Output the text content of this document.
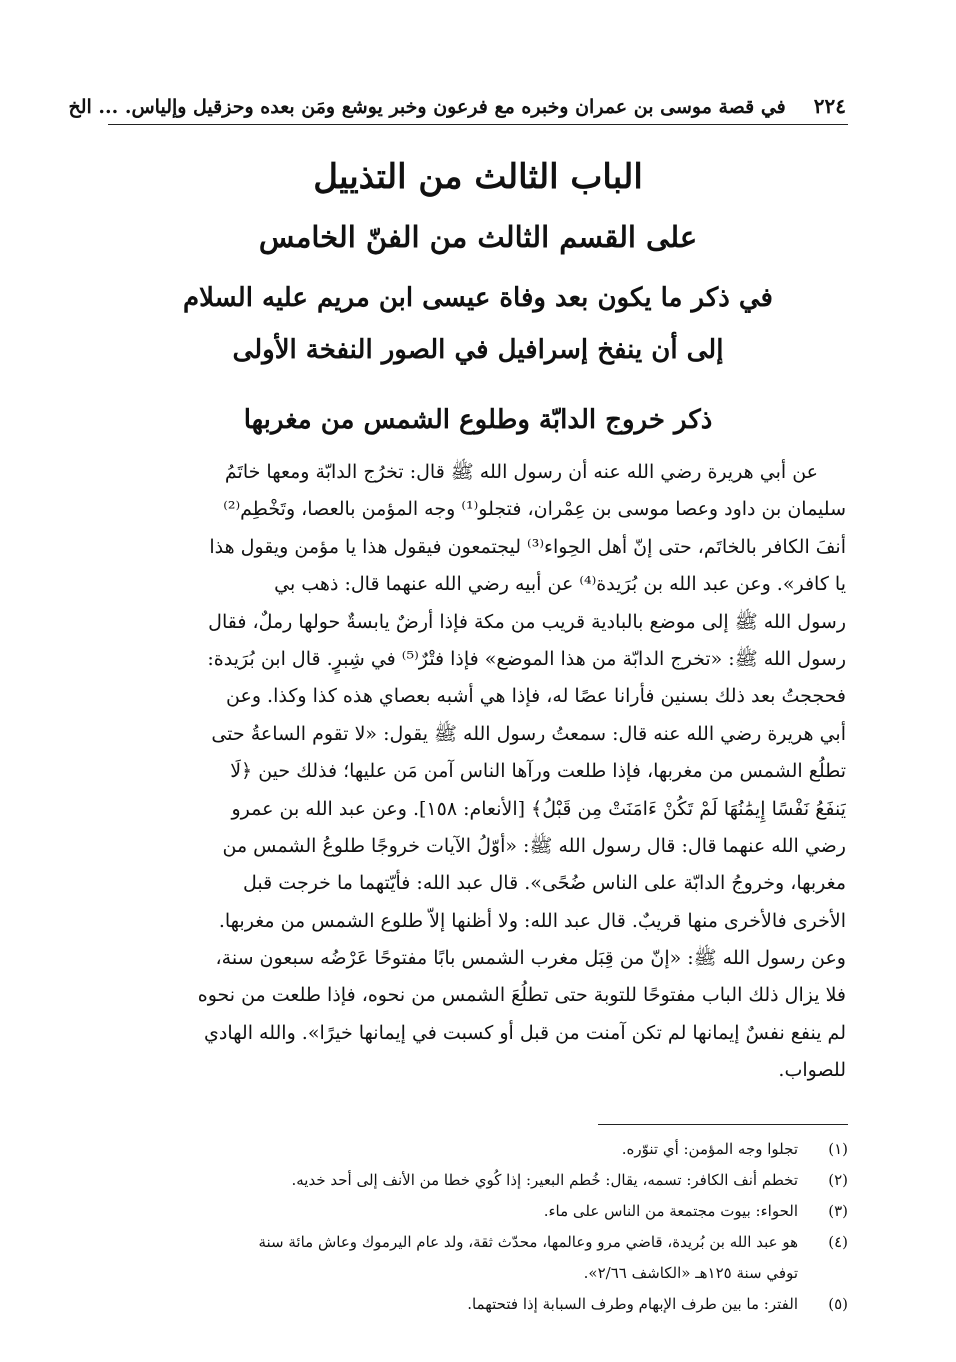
٢٢٤
في قصة موسى بن عمران وخبره مع فرعون وخبر يوشع ومَن بعده وحزقيل وإلياس. ... الخ
الباب الثالث من التذييل
على القسم الثالث من الفنّ الخامس
في ذكر ما يكون بعد وفاة عيسى ابن مريم عليه السلام
إلى أن ينفخ إسرافيل في الصور النفخة الأولى
ذكر خروج الدابّة وطلوع الشمس من مغربها
عن أبي هريرة رضي الله عنه أن رسول الله ﷺ قال: تخرُج الدابّة ومعها خاتَمُ
سليمان بن داود وعصا موسى بن عِمْران، فتجلو⁽¹⁾ وجه المؤمن بالعصا، وتَخْطِم⁽²⁾
أنفَ الكافر بالخاتَم، حتى إنّ أهل الحِواء⁽³⁾ ليجتمعون فيقول هذا يا مؤمن ويقول هذا
يا كافر». وعن عبد الله بن بُرَيدة⁽⁴⁾ عن أبيه رضي الله عنهما قال: ذهب بي
رسول الله ﷺ إلى موضع بالبادية قريب من مكة فإذا أرضٌ يابسةٌ حولها رملٌ، فقال
رسول الله ﷺ: «تخرج الدابّة من هذا الموضع» فإذا فتْرٌ⁽⁵⁾ في شِبرٍ. قال ابن بُرَيدة:
فحججتُ بعد ذلك بسنين فأرانا عصًا له، فإذا هي أشبه بعصاي هذه كذا وكذا. وعن
أبي هريرة رضي الله عنه قال: سمعتُ رسول الله ﷺ يقول: «لا تقوم الساعةُ حتى
تطلُع الشمس من مغربها، فإذا طلعت ورآها الناس آمن مَن عليها؛ فذلك حين ﴿لَا
يَنفَعُ نَفْسًا إِيمَٰنُهَا لَمْ تَكُنْ ءَامَنَتْ مِن قَبْلُ﴾ [الأنعام: ١٥٨]. وعن عبد الله بن عمرو
رضي الله عنهما قال: قال رسول الله ﷺ: «أوّلُ الآيات خروجًا طلوعُ الشمس من
مغربها، وخروجُ الدابّة على الناس ضُحًى». قال عبد الله: فأيّتهما ما خرجت قبل
الأخرى فالأخرى منها قريبٌ. قال عبد الله: ولا أظنها إلاّ طلوع الشمس من مغربها.
وعن رسول الله ﷺ: «إنّ من قِبَل مغرب الشمس بابًا مفتوحًا عَرْضُه سبعون سنة،
فلا يزال ذلك الباب مفتوحًا للتوبة حتى تطلُعَ الشمس من نحوه، فإذا طلعت من نحوه
لم ينفع نفسٌ إيمانها لم تكن آمنت من قبل أو كسبت في إيمانها خيرًا». والله الهادي
للصواب.
(١)
تجلوا وجه المؤمن: أي تنوّره.
(٢)
تخطم أنف الكافر: تسمه، يقال: خُطم البعير: إذا كُوي خطا من الأنف إلى أحد خديه.
(٣)
الحواء: بيوت مجتمعة من الناس على ماء.
(٤)
هو عبد الله بن بُريدة، قاضي مرو وعالمها، محدّث ثقة، ولد عام اليرموك وعاش مائة سنة
توفي سنة ١٢٥هـ «الكاشف ٢/٦٦».
(٥)
الفتر: ما بين طرف الإبهام وطرف السبابة إذا فتحتهما.
